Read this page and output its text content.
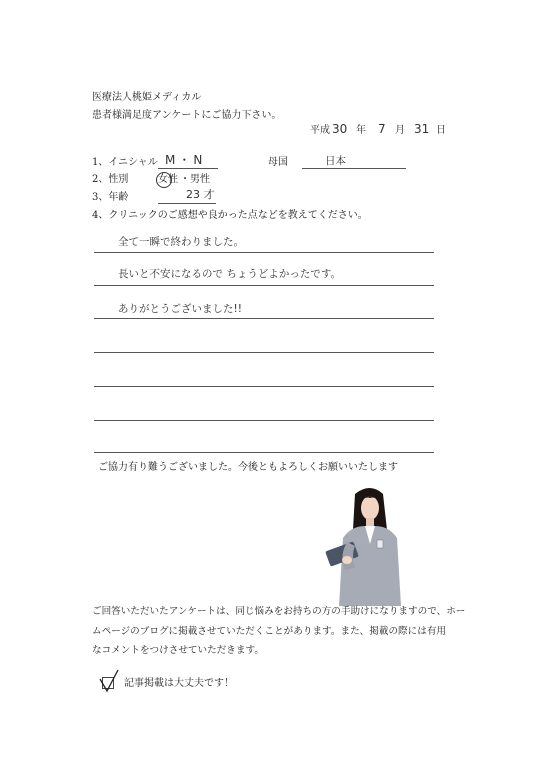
医療法人桃姫メディカル
患者様満足度アンケートにご協力下さい。
平成 30 年 7 月 31 日
1、イニシャル M・N	母国	日本
2、性別	女性 ・ 男性
3、年齢	23 才
4、クリニックのご感想や良かった点などを教えてください。
全て一瞬で終わりました。
長いと不安になるので ちょうどよかったです。
ありがとうございました!!
ご協力有り難うございました。今後ともよろしくお願いいたします
ご回答いただいたアンケートは、同じ悩みをお持ちの方の手助けになりますので、ホー
ムページのブログに掲載させていただくことがあります。また、掲載の際には有用
なコメントをつけさせていただきます。
記事掲載は大丈夫です！
